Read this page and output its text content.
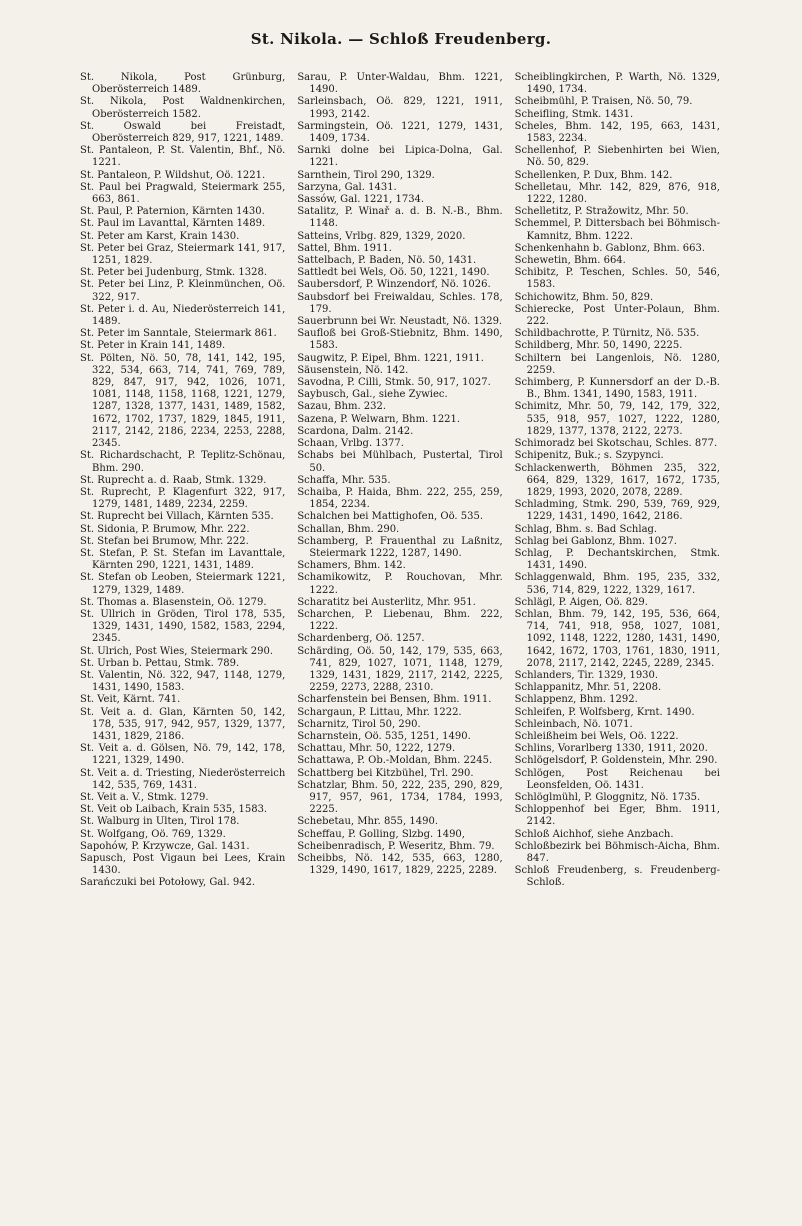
St. Nikola. — Schloß Freudenberg.

St. Nikola, Post Grünburg, Oberösterreich 1489.

St. Nikola, Post Waldnenkirchen, Oberösterreich 1582.

St. Oswald bei Freistadt, Oberösterreich 829, 917, 1221, 1489.

St. Pantaleon, P. St. Valentin, Bhf., Nö. 1221.

St. Pantaleon, P. Wildshut, Oö. 1221.

St. Paul bei Pragwald, Steiermark 255, 663, 861.

St. Paul, P. Paternion, Kärnten 1430.

St. Paul im Lavanttal, Kärnten 1489.

St. Peter am Karst, Krain 1430.

St. Peter bei Graz, Steiermark 141, 917, 1251, 1829.

St. Peter bei Judenburg, Stmk. 1328.

St. Peter bei Linz, P. Kleinmünchen, Oö. 322, 917.

St. Peter i. d. Au, Niederösterreich 141, 1489.

St. Peter im Sanntale, Steiermark 861.

St. Peter in Krain 141, 1489.

St. Pölten, Nö. 50, 78, 141, 142, 195, 322, 534, 663, 714, 741, 769, 789, 829, 847, 917, 942, 1026, 1071, 1081, 1148, 1158, 1168, 1221, 1279, 1287, 1328, 1377, 1431, 1489, 1582, 1672, 1702, 1737, 1829, 1845, 1911, 2117, 2142, 2186, 2234, 2253, 2288, 2345.

St. Richardschacht, P. Teplitz-Schönau, Bhm. 290.

St. Ruprecht a. d. Raab, Stmk. 1329.

St. Ruprecht, P. Klagenfurt 322, 917, 1279, 1481, 1489, 2234, 2259.

St. Ruprecht bei Villach, Kärnten 535.

St. Sidonia, P. Brumow, Mhr. 222.

St. Stefan bei Brumow, Mhr. 222.

St. Stefan, P. St. Stefan im Lavanttale, Kärnten 290, 1221, 1431, 1489.

St. Stefan ob Leoben, Steiermark 1221, 1279, 1329, 1489.

St. Thomas a. Blasenstein, Oö. 1279.

St. Ullrich in Gröden, Tirol 178, 535, 1329, 1431, 1490, 1582, 1583, 2294, 2345.

St. Ulrich, Post Wies, Steiermark 290.

St. Urban b. Pettau, Stmk. 789.

St. Valentin, Nö. 322, 947, 1148, 1279, 1431, 1490, 1583.

St. Veit, Kärnt. 741.

St. Veit a. d. Glan, Kärnten 50, 142, 178, 535, 917, 942, 957, 1329, 1377, 1431, 1829, 2186.

St. Veit a. d. Gölsen, Nö. 79, 142, 178, 1221, 1329, 1490.

St. Veit a. d. Triesting, Niederösterreich 142, 535, 769, 1431.

St. Veit a. V., Stmk. 1279.

St. Veit ob Laibach, Krain 535, 1583.

St. Walburg in Ulten, Tirol 178.

St. Wolfgang, Oö. 769, 1329.

Sapohów, P. Krzywcze, Gal. 1431.

Sapusch, Post Vigaun bei Lees, Krain 1430.

Sarańczuki bei Potołowy, Gal. 942.

Sarau, P. Unter-Waldau, Bhm. 1221, 1490.

Sarleinsbach, Oö. 829, 1221, 1911, 1993, 2142.

Sarmingstein, Oö. 1221, 1279, 1431, 1409, 1734.

Sarnki dolne bei Lipica-Dolna, Gal. 1221.

Sarnthein, Tirol 290, 1329.

Sarzyna, Gal. 1431.

Sassów, Gal. 1221, 1734.

Satalitz, P. Winař a. d. B. N.-B., Bhm. 1148.

Satteins, Vrlbg. 829, 1329, 2020.

Sattel, Bhm. 1911.

Sattelbach, P. Baden, Nö. 50, 1431.

Sattledt bei Wels, Oö. 50, 1221, 1490.

Saubersdorf, P. Winzendorf, Nö. 1026.

Saubsdorf bei Freiwaldau, Schles. 178, 179.

Sauerbrunn bei Wr. Neustadt, Nö. 1329.

Saufloß bei Groß-Stiebnitz, Bhm. 1490, 1583.

Saugwitz, P. Eipel, Bhm. 1221, 1911.

Säusenstein, Nö. 142.

Savodna, P. Cilli, Stmk. 50, 917, 1027.

Saybusch, Gal., siehe Zywiec.

Sazau, Bhm. 232.

Sazena, P. Welwarn, Bhm. 1221.

Scardona, Dalm. 2142.

Schaan, Vrlbg. 1377.

Schabs bei Mühlbach, Pustertal, Tirol 50.

Schaffa, Mhr. 535.

Schaiba, P. Haida, Bhm. 222, 255, 259, 1854, 2234.

Schalchen bei Mattighofen, Oö. 535.

Schallan, Bhm. 290.

Schamberg, P. Frauenthal zu Laßnitz, Steiermark 1222, 1287, 1490.

Schamers, Bhm. 142.

Schamikowitz, P. Rouchovan, Mhr. 1222.

Scharatitz bei Austerlitz, Mhr. 951.

Scharchen, P. Liebenau, Bhm. 222, 1222.

Schardenberg, Oö. 1257.

Schärding, Oö. 50, 142, 179, 535, 663, 741, 829, 1027, 1071, 1148, 1279, 1329, 1431, 1829, 2117, 2142, 2225, 2259, 2273, 2288, 2310.

Scharfenstein bei Bensen, Bhm. 1911.

Schargaun, P. Littau, Mhr. 1222.

Scharnitz, Tirol 50, 290.

Scharnstein, Oö. 535, 1251, 1490.

Schattau, Mhr. 50, 1222, 1279.

Schattawa, P. Ob.-Moldan, Bhm. 2245.

Schattberg bei Kitzbühel, Trl. 290.

Schatzlar, Bhm. 50, 222, 235, 290, 829, 917, 957, 961, 1734, 1784, 1993, 2225.

Schebetau, Mhr. 855, 1490.

Scheffau, P. Golling, Slzbg. 1490,

Scheibenradisch, P. Weseritz, Bhm. 79.

Scheibbs, Nö. 142, 535, 663, 1280, 1329, 1490, 1617, 1829, 2225, 2289.

Scheiblingkirchen, P. Warth, Nö. 1329, 1490, 1734.

Scheibmühl, P. Traisen, Nö. 50, 79.

Scheifling, Stmk. 1431.

Scheles, Bhm. 142, 195, 663, 1431, 1583, 2234.

Schellenhof, P. Siebenhirten bei Wien, Nö. 50, 829.

Schellenken, P. Dux, Bhm. 142.

Schelletau, Mhr. 142, 829, 876, 918, 1222, 1280.

Schelletitz, P. Stražowitz, Mhr. 50.

Schemmel, P. Dittersbach bei Böhmisch-Kamnitz, Bhm. 1222.

Schenkenhahn b. Gablonz, Bhm. 663.

Schewetin, Bhm. 664.

Schibitz, P. Teschen, Schles. 50, 546, 1583.

Schichowitz, Bhm. 50, 829.

Schierecke, Post Unter-Polaun, Bhm. 222.

Schildbachrotte, P. Türnitz, Nö. 535.

Schildberg, Mhr. 50, 1490, 2225.

Schiltern bei Langenlois, Nö. 1280, 2259.

Schimberg, P. Kunnersdorf an der D.-B. B., Bhm. 1341, 1490, 1583, 1911.

Schimitz, Mhr. 50, 79, 142, 179, 322, 535, 918, 957, 1027, 1222, 1280, 1829, 1377, 1378, 2122, 2273.

Schimoradz bei Skotschau, Schles. 877.

Schipenitz, Buk.; s. Szypynci.

Schlackenwerth, Böhmen 235, 322, 664, 829, 1329, 1617, 1672, 1735, 1829, 1993, 2020, 2078, 2289.

Schladming, Stmk. 290, 539, 769, 929, 1229, 1431, 1490, 1642, 2186.

Schlag, Bhm. s. Bad Schlag.

Schlag bei Gablonz, Bhm. 1027.

Schlag, P. Dechantskirchen, Stmk. 1431, 1490.

Schlaggenwald, Bhm. 195, 235, 332, 536, 714, 829, 1222, 1329, 1617.

Schlägl, P. Aigen, Oö. 829.

Schlan, Bhm. 79, 142, 195, 536, 664, 714, 741, 918, 958, 1027, 1081, 1092, 1148, 1222, 1280, 1431, 1490, 1642, 1672, 1703, 1761, 1830, 1911, 2078, 2117, 2142, 2245, 2289, 2345.

Schlanders, Tir. 1329, 1930.

Schlappanitz, Mhr. 51, 2208.

Schlappenz, Bhm. 1292.

Schleifen, P. Wolfsberg, Krnt. 1490.

Schleinbach, Nö. 1071.

Schleißheim bei Wels, Oö. 1222.

Schlins, Vorarlberg 1330, 1911, 2020.

Schlögelsdorf, P. Goldenstein, Mhr. 290.

Schlögen, Post Reichenau bei Leonsfelden, Oö. 1431.

Schlöglmühl, P. Gloggnitz, Nö. 1735.

Schloppenhof bei Eger, Bhm. 1911, 2142.

Schloß Aichhof, siehe Anzbach.

Schloßbezirk bei Böhmisch-Aicha, Bhm. 847.

Schloß Freudenberg, s. Freudenberg-Schloß.
